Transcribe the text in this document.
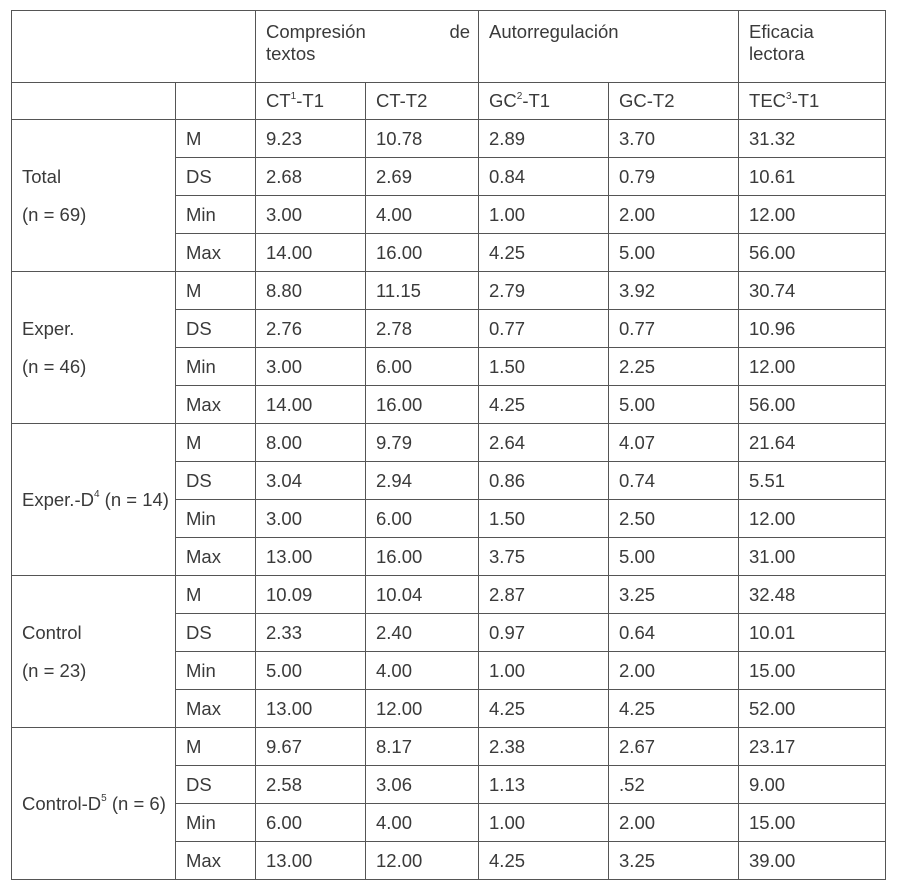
		Compresión de
textos		Autorregulación		Eficacia
lectora

		$CT^1-T1$	CT-T2	$GC^2-T1$	GC-T2	TEC$^3$-T1

Total
(n = 69)	M	9.23	10.78	2.89	3.70	31.32
	DS	2.68	2.69	0.84	0.79	10.61
	Min	3.00	4.00	1.00	2.00	12.00
	Max	14.00	16.00	4.25	5.00	56.00

Exper.
(n = 46)	M	8.80	11.15	2.79	3.92	30.74
	DS	2.76	2.78	0.77	0.77	10.96
	Min	3.00	6.00	1.50	2.25	12.00
	Max	14.00	16.00	4.25	5.00	56.00
$Exper.-D^4$ (n = 14)	M	8.00	9.79	2.64	4.07	21.64
	DS	3.04	2.94	0.86	0.74	5.51
	Min	3.00	6.00	1.50	2.50	12.00
	Max	13.00	16.00	3.75	5.00	31.00

Control
(n = 23)	M	10.09	10.04	2.87	3.25	32.48
	DS	2.33	2.40	0.97	0.64	10.01
	Min	5.00	4.00	1.00	2.00	15.00
	Max	13.00	12.00	4.25	4.25	52.00
Control-$D^5$ (n = 6)	M	9.67	8.17	2.38	2.67	23.17
	DS	2.58	3.06	1.13	.52	9.00
	Min	6.00	4.00	1.00	2.00	15.00
	Max	13.00	12.00	4.25	3.25	39.00
